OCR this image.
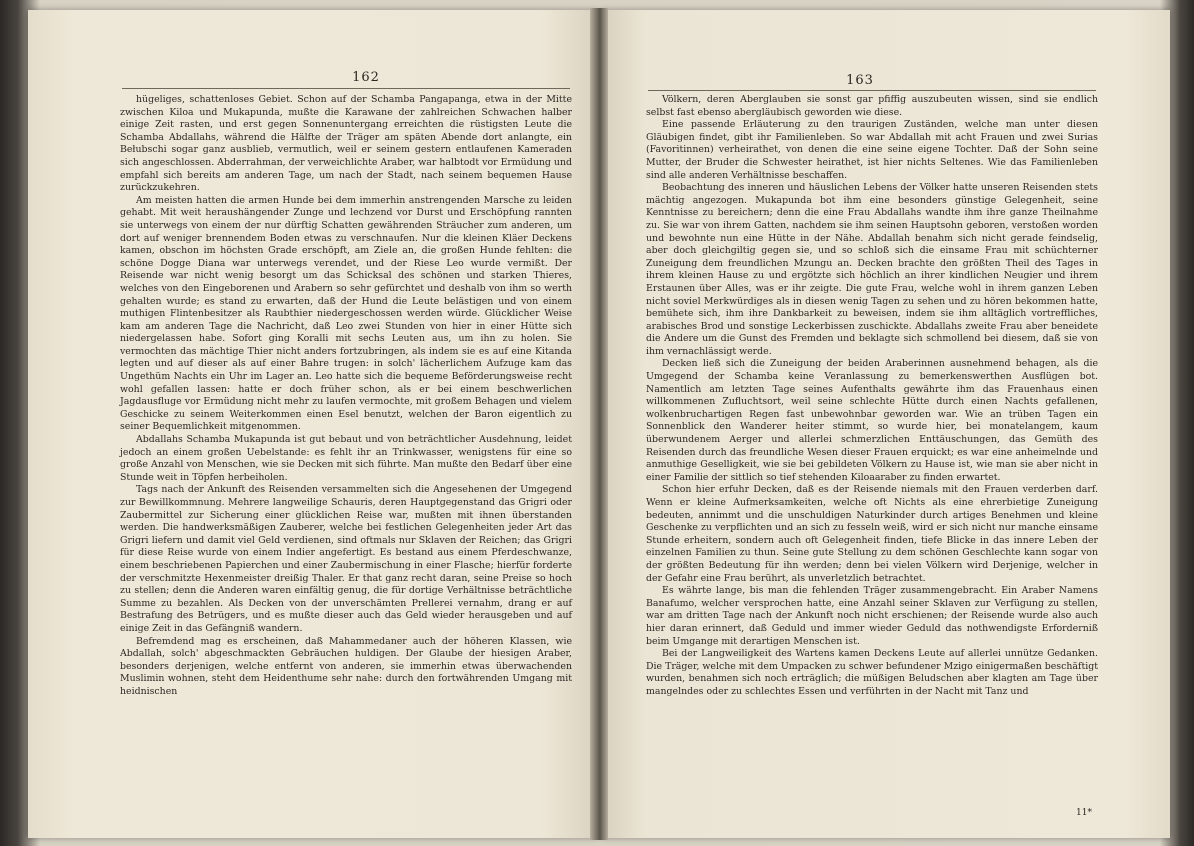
162

hügeliges, schattenloses Gebiet. Schon auf der Schamba Pangapanga, etwa in der Mitte zwischen Kiloa und Mukapunda, mußte die Karawane der zahlreichen Schwachen halber einige Zeit rasten, und erst gegen Sonnenuntergang erreichten die rüstigsten Leute die Schamba Abdallahs, während die Hälfte der Träger am späten Abende dort anlangte, ein Bełubschi sogar ganz ausblieb, vermutlich, weil er seinem gestern entlaufenen Kameraden sich angeschlossen. Abderrahman, der verweichlichte Araber, war halbtodt vor Ermüdung und empfahl sich bereits am anderen Tage, um nach der Stadt, nach seinem bequemen Hause zurückzukehren.

Am meisten hatten die armen Hunde bei dem immerhin anstrengenden Marsche zu leiden gehabt. Mit weit heraushängender Zunge und lechzend vor Durst und Erschöpfung rannten sie unterwegs von einem der nur dürftig Schatten gewährenden Sträucher zum anderen, um dort auf weniger brennendem Boden etwas zu verschnaufen. Nur die kleinen Kläer Deckens kamen, obschon im höchsten Grade erschöpft, am Ziele an, die großen Hunde fehlten: die schöne Dogge Diana war unterwegs verendet, und der Riese Leo wurde vermißt. Der Reisende war nicht wenig besorgt um das Schicksal des schönen und starken Thieres, welches von den Eingeborenen und Arabern so sehr gefürchtet und deshalb von ihm so werth gehalten wurde; es stand zu erwarten, daß der Hund die Leute belästigen und von einem muthigen Flintenbesitzer als Raubthier niedergeschossen werden würde. Glücklicher Weise kam am anderen Tage die Nachricht, daß Leo zwei Stunden von hier in einer Hütte sich niedergelassen habe. Sofort ging Koralli mit sechs Leuten aus, um ihn zu holen. Sie vermochten das mächtige Thier nicht anders fortzubringen, als indem sie es auf eine Kitanda legten und auf dieser als auf einer Bahre trugen: in solch' lächerlichem Aufzuge kam das Ungethüm Nachts ein Uhr im Lager an. Leo hatte sich die bequeme Beförderungsweise recht wohl gefallen lassen: hatte er doch früher schon, als er bei einem beschwerlichen Jagdausfluge vor Ermüdung nicht mehr zu laufen vermochte, mit großem Behagen und vielem Geschicke zu seinem Weiterkommen einen Esel benutzt, welchen der Baron eigentlich zu seiner Bequemlichkeit mitgenommen.

Abdallahs Schamba Mukapunda ist gut bebaut und von beträchtlicher Ausdehnung, leidet jedoch an einem großen Uebelstande: es fehlt ihr an Trinkwasser, wenigstens für eine so große Anzahl von Menschen, wie sie Decken mit sich führte. Man mußte den Bedarf über eine Stunde weit in Töpfen herbeiholen.

Tags nach der Ankunft des Reisenden versammelten sich die Angesehenen der Umgegend zur Bewillkommnung. Mehrere langweilige Schauris, deren Hauptgegenstand das Grigri oder Zaubermittel zur Sicherung einer glücklichen Reise war, mußten mit ihnen überstanden werden. Die handwerksmäßigen Zauberer, welche bei festlichen Gelegenheiten jeder Art das Grigri liefern und damit viel Geld verdienen, sind oftmals nur Sklaven der Reichen; das Grigri für diese Reise wurde von einem Indier angefertigt. Es bestand aus einem Pferdeschwanze, einem beschriebenen Papierchen und einer Zaubermischung in einer Flasche; hierfür forderte der verschmitzte Hexenmeister dreißig Thaler. Er that ganz recht daran, seine Preise so hoch zu stellen; denn die Anderen waren einfältig genug, die für dortige Verhältnisse beträchtliche Summe zu bezahlen. Als Decken von der unverschämten Prellerei vernahm, drang er auf Bestrafung des Betrügers, und es mußte dieser auch das Geld wieder herausgeben und auf einige Zeit in das Gefängniß wandern.

Befremdend mag es erscheinen, daß Mahammedaner auch der höheren Klassen, wie Abdallah, solch' abgeschmackten Gebräuchen huldigen. Der Glaube der hiesigen Araber, besonders derjenigen, welche entfernt von anderen, sie immerhin etwas überwachenden Muslimin wohnen, steht dem Heidenthume sehr nahe: durch den fortwährenden Umgang mit heidnischen

163

Völkern, deren Aberglauben sie sonst gar pfiffig auszubeuten wissen, sind sie endlich selbst fast ebenso abergläubisch geworden wie diese.

Eine passende Erläuterung zu den traurigen Zuständen, welche man unter diesen Gläubigen findet, gibt ihr Familienleben. So war Abdallah mit acht Frauen und zwei Surias (Favoritinnen) verheirathet, von denen die eine seine eigene Tochter. Daß der Sohn seine Mutter, der Bruder die Schwester heirathet, ist hier nichts Seltenes. Wie das Familienleben sind alle anderen Verhältnisse beschaffen.

Beobachtung des inneren und häuslichen Lebens der Völker hatte unseren Reisenden stets mächtig angezogen. Mukapunda bot ihm eine besonders günstige Gelegenheit, seine Kenntnisse zu bereichern; denn die eine Frau Abdallahs wandte ihm ihre ganze Theilnahme zu. Sie war von ihrem Gatten, nachdem sie ihm seinen Hauptsohn geboren, verstoßen worden und bewohnte nun eine Hütte in der Nähe. Abdallah benahm sich nicht gerade feindselig, aber doch gleichgiltig gegen sie, und so schloß sich die einsame Frau mit schüchterner Zuneigung dem freundlichen Mzungu an. Decken brachte den größten Theil des Tages in ihrem kleinen Hause zu und ergötzte sich höchlich an ihrer kindlichen Neugier und ihrem Erstaunen über Alles, was er ihr zeigte. Die gute Frau, welche wohl in ihrem ganzen Leben nicht soviel Merkwürdiges als in diesen wenig Tagen zu sehen und zu hören bekommen hatte, bemühete sich, ihm ihre Dankbarkeit zu beweisen, indem sie ihm alltäglich vortreffliches, arabisches Brod und sonstige Leckerbissen zuschickte. Abdallahs zweite Frau aber beneidete die Andere um die Gunst des Fremden und beklagte sich schmollend bei diesem, daß sie von ihm vernachlässigt werde.

Decken ließ sich die Zuneigung der beiden Araberinnen ausnehmend behagen, als die Umgegend der Schamba keine Veranlassung zu bemerkenswerthen Ausflügen bot. Namentlich am letzten Tage seines Aufenthalts gewährte ihm das Frauenhaus einen willkommenen Zufluchtsort, weil seine schlechte Hütte durch einen Nachts gefallenen, wolkenbruchartigen Regen fast unbewohnbar geworden war. Wie an trüben Tagen ein Sonnenblick den Wanderer heiter stimmt, so wurde hier, bei monatelangem, kaum überwundenem Aerger und allerlei schmerzlichen Enttäuschungen, das Gemüth des Reisenden durch das freundliche Wesen dieser Frauen erquickt; es war eine anheimelnde und anmuthige Geselligkeit, wie sie bei gebildeten Völkern zu Hause ist, wie man sie aber nicht in einer Familie der sittlich so tief stehenden Kiloaaraber zu finden erwartet.

Schon hier erfuhr Decken, daß es der Reisende niemals mit den Frauen verderben darf. Wenn er kleine Aufmerksamkeiten, welche oft Nichts als eine ehrerbietige Zuneigung bedeuten, annimmt und die unschuldigen Naturkinder durch artiges Benehmen und kleine Geschenke zu verpflichten und an sich zu fesseln weiß, wird er sich nicht nur manche einsame Stunde erheitern, sondern auch oft Gelegenheit finden, tiefe Blicke in das innere Leben der einzelnen Familien zu thun. Seine gute Stellung zu dem schönen Geschlechte kann sogar von der größten Bedeutung für ihn werden; denn bei vielen Völkern wird Derjenige, welcher in der Gefahr eine Frau berührt, als unverletzlich betrachtet.

Es währte lange, bis man die fehlenden Träger zusammengebracht. Ein Araber Namens Banafumo, welcher versprochen hatte, eine Anzahl seiner Sklaven zur Verfügung zu stellen, war am dritten Tage nach der Ankunft noch nicht erschienen; der Reisende wurde also auch hier daran erinnert, daß Geduld und immer wieder Geduld das nothwendigste Erforderniß beim Umgange mit derartigen Menschen ist.

Bei der Langweiligkeit des Wartens kamen Deckens Leute auf allerlei unnütze Gedanken. Die Träger, welche mit dem Umpacken zu schwer befundener Mzigo einigermaßen beschäftigt wurden, benahmen sich noch erträglich; die müßigen Beludschen aber klagten am Tage über mangelndes oder zu schlechtes Essen und verführten in der Nacht mit Tanz und

11*
